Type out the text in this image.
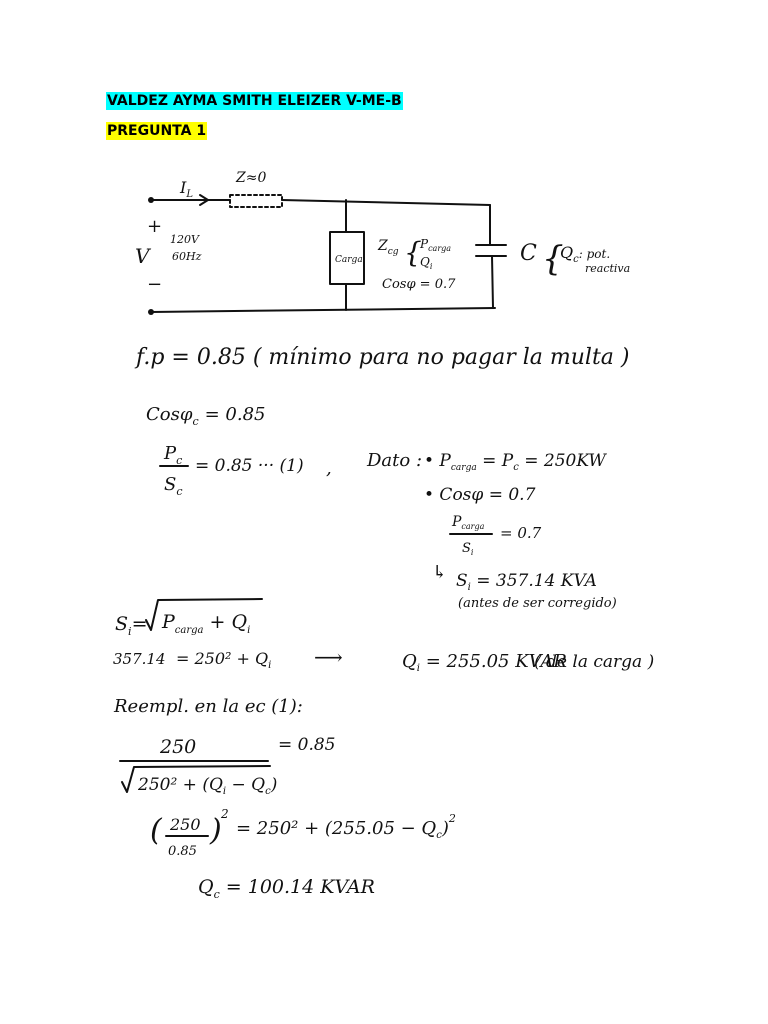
VALDEZ AYMA SMITH ELEIZER V-ME-B
PREGUNTA 1
$I_L$
Z≈0
+
V
−
120V
60Hz	Carga
$Z_{cg}$ {
$P_{carga}$
$Q_i$
Cosφ = 0.7
C {
$Q_c^{: pot.}$
reactiva
f.p = 0.85 ( mínimo para no pagar la multa )
Cosφ$_c$ = 0.85
$P_c$
$S_c$
= 0.85 ··· (1) , Dato : • $P_{carga} = P_c = 250KW$
• Cosφ = 0.7
$P_{carga}$
$S_i$
= 0.7
↳ $S_i = 357.14$ KVA
(antes de ser corregido)
$S_i= P_{carga} + Q_i$
$357.14 = 250^2 + Q_i$ ⟶	$Q_i = 255.05$ KVAR
( de la carga )
Reempl. en la ec (1):
250
$250^2 + (Q_i - Q_c)$
= 0.85
( 250
0.85
) 2
= $250^2 + (255.05 - Q_c)^2$
$Q_c = 100.14$ KVAR
